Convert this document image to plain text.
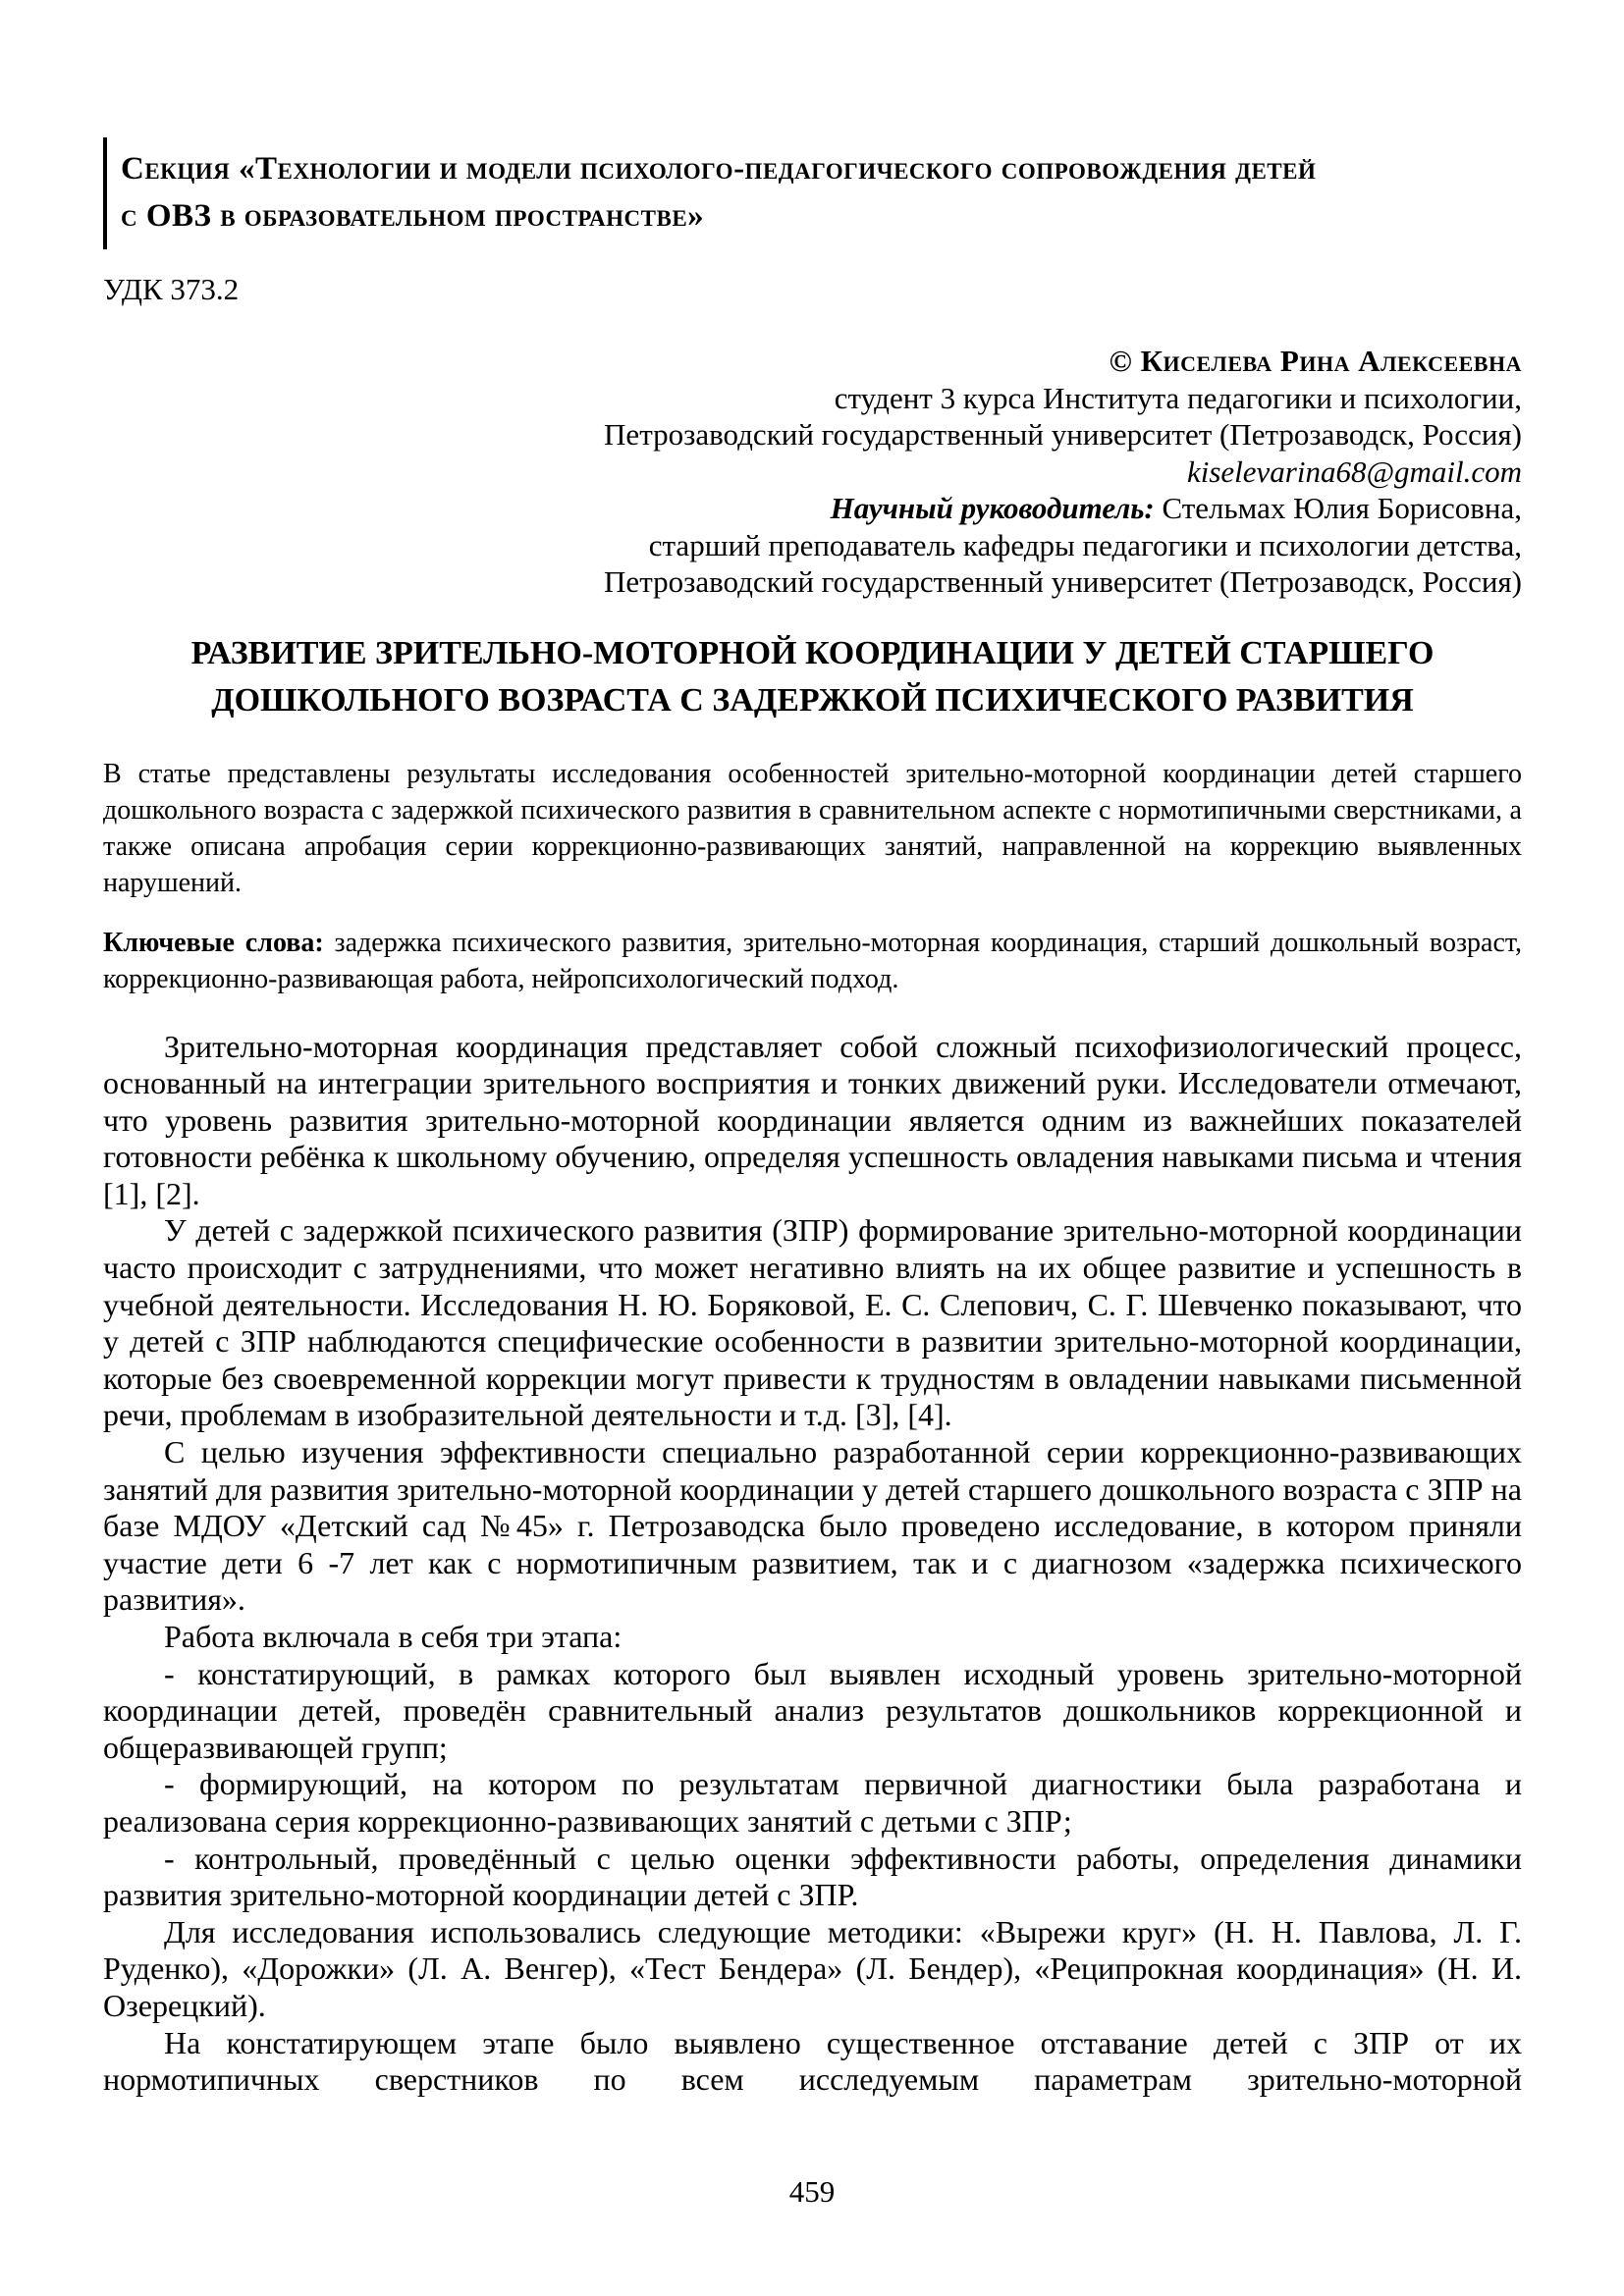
Секция «Технологии и модели психолого-педагогического сопровождения детей
с ОВЗ в образовательном пространстве»
УДК 373.2
© Киселева Рина Алексеевна
студент 3 курса Института педагогики и психологии,
Петрозаводский государственный университет (Петрозаводск, Россия)
kiselevarina68@gmail.com
Научный руководитель: Стельмах Юлия Борисовна,
старший преподаватель кафедры педагогики и психологии детства,
Петрозаводский государственный университет (Петрозаводск, Россия)
РАЗВИТИЕ ЗРИТЕЛЬНО-МОТОРНОЙ КООРДИНАЦИИ У ДЕТЕЙ СТАРШЕГО
ДОШКОЛЬНОГО ВОЗРАСТА С ЗАДЕРЖКОЙ ПСИХИЧЕСКОГО РАЗВИТИЯ

В статье представлены результаты исследования особенностей зрительно-моторной координации детей старшего дошкольного возраста с задержкой психического развития в сравнительном аспекте с нормотипичными сверстниками, а также описана апробация серии коррекционно-развивающих занятий, направленной на коррекцию выявленных нарушений.

Ключевые слова: задержка психического развития, зрительно-моторная координация, старший дошкольный возраст, коррекционно-развивающая работа, нейропсихологический подход.

Зрительно-моторная координация представляет собой сложный психофизиологический процесс, основанный на интеграции зрительного восприятия и тонких движений руки. Исследователи отмечают, что уровень развития зрительно-моторной координации является одним из важнейших показателей готовности ребёнка к школьному обучению, определяя успешность овладения навыками письма и чтения [1], [2].

У детей с задержкой психического развития (ЗПР) формирование зрительно-моторной координации часто происходит с затруднениями, что может негативно влиять на их общее развитие и успешность в учебной деятельности. Исследования Н. Ю. Боряковой, Е. С. Слепович, С. Г. Шевченко показывают, что у детей с ЗПР наблюдаются специфические особенности в развитии зрительно-моторной координации, которые без своевременной коррекции могут привести к трудностям в овладении навыками письменной речи, проблемам в изобразительной деятельности и т.д. [3], [4].

С целью изучения эффективности специально разработанной серии коррекционно-развивающих занятий для развития зрительно-моторной координации у детей старшего дошкольного возраста с ЗПР на базе МДОУ «Детский сад №45» г. Петрозаводска было проведено исследование, в котором приняли участие дети 6 -7 лет как с нормотипичным развитием, так и с диагнозом «задержка психического развития».

Работа включала в себя три этапа:

- констатирующий, в рамках которого был выявлен исходный уровень зрительно-моторной координации детей, проведён сравнительный анализ результатов дошкольников коррекционной и общеразвивающей групп;

- формирующий, на котором по результатам первичной диагностики была разработана и реализована серия коррекционно-развивающих занятий с детьми с ЗПР;

- контрольный, проведённый с целью оценки эффективности работы, определения динамики развития зрительно-моторной координации детей с ЗПР.

Для исследования использовались следующие методики: «Вырежи круг» (Н. Н. Павлова, Л. Г. Руденко), «Дорожки» (Л. А. Венгер), «Тест Бендера» (Л. Бендер), «Реципрокная координация» (Н. И. Озерецкий).

На констатирующем этапе было выявлено существенное отставание детей с ЗПР от их нормотипичных сверстников по всем исследуемым параметрам зрительно-моторной

459
